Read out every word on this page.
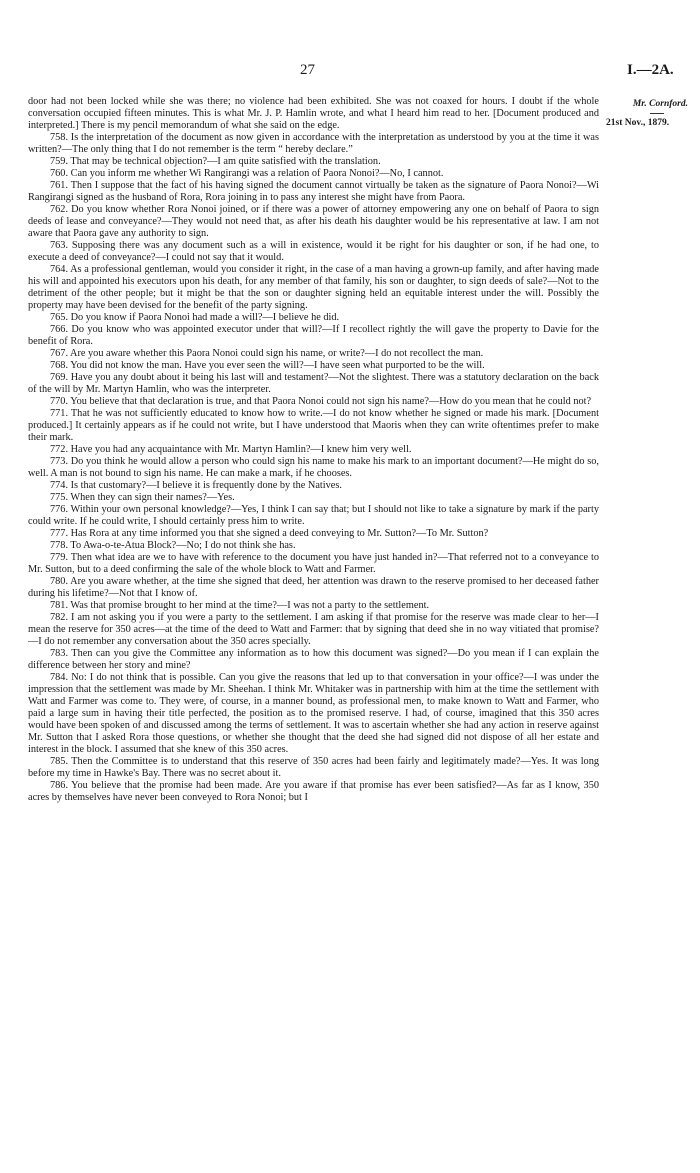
27	I.—2A.
Mr. Cornford.
21st Nov., 1879.

door had not been locked while she was there; no violence had been exhibited. She was not coaxed for hours. I doubt if the whole conversation occupied fifteen minutes. This is what Mr. J. P. Hamlin wrote, and what I heard him read to her. [Document produced and interpreted.] There is my pencil memorandum of what she said on the edge.

758. Is the interpretation of the document as now given in accordance with the interpretation as understood by you at the time it was written?—The only thing that I do not remember is the term “ hereby declare.”

759. That may be technical objection?—I am quite satisfied with the translation.

760. Can you inform me whether Wi Rangirangi was a relation of Paora Nonoi?—No, I cannot.

761. Then I suppose that the fact of his having signed the document cannot virtually be taken as the signature of Paora Nonoi?—Wi Rangirangi signed as the husband of Rora, Rora joining in to pass any interest she might have from Paora.

762. Do you know whether Rora Nonoi joined, or if there was a power of attorney empowering any one on behalf of Paora to sign deeds of lease and conveyance?—They would not need that, as after his death his daughter would be his representative at law. I am not aware that Paora gave any authority to sign.

763. Supposing there was any document such as a will in existence, would it be right for his daughter or son, if he had one, to execute a deed of conveyance?—I could not say that it would.

764. As a professional gentleman, would you consider it right, in the case of a man having a grown-up family, and after having made his will and appointed his executors upon his death, for any member of that family, his son or daughter, to sign deeds of sale?—Not to the detriment of the other people; but it might be that the son or daughter signing held an equitable interest under the will. Possibly the property may have been devised for the benefit of the party signing.

765. Do you know if Paora Nonoi had made a will?—I believe he did.

766. Do you know who was appointed executor under that will?—If I recollect rightly the will gave the property to Davie for the benefit of Rora.

767. Are you aware whether this Paora Nonoi could sign his name, or write?—I do not recollect the man.

768. You did not know the man. Have you ever seen the will?—I have seen what purported to be the will.

769. Have you any doubt about it being his last will and testament?—Not the slightest. There was a statutory declaration on the back of the will by Mr. Martyn Hamlin, who was the interpreter.

770. You believe that that declaration is true, and that Paora Nonoi could not sign his name?—How do you mean that he could not?

771. That he was not sufficiently educated to know how to write.—I do not know whether he signed or made his mark. [Document produced.] It certainly appears as if he could not write, but I have understood that Maoris when they can write oftentimes prefer to make their mark.

772. Have you had any acquaintance with Mr. Martyn Hamlin?—I knew him very well.

773. Do you think he would allow a person who could sign his name to make his mark to an important document?—He might do so, well. A man is not bound to sign his name. He can make a mark, if he chooses.

774. Is that customary?—I believe it is frequently done by the Natives.

775. When they can sign their names?—Yes.

776. Within your own personal knowledge?—Yes, I think I can say that; but I should not like to take a signature by mark if the party could write. If he could write, I should certainly press him to write.

777. Has Rora at any time informed you that she signed a deed conveying to Mr. Sutton?—To Mr. Sutton?

778. To Awa-o-te-Atua Block?—No; I do not think she has.

779. Then what idea are we to have with reference to the document you have just handed in?—That referred not to a conveyance to Mr. Sutton, but to a deed confirming the sale of the whole block to Watt and Farmer.

780. Are you aware whether, at the time she signed that deed, her attention was drawn to the reserve promised to her deceased father during his lifetime?—Not that I know of.

781. Was that promise brought to her mind at the time?—I was not a party to the settlement.

782. I am not asking you if you were a party to the settlement. I am asking if that promise for the reserve was made clear to her—I mean the reserve for 350 acres—at the time of the deed to Watt and Farmer: that by signing that deed she in no way vitiated that promise?—I do not remember any conversation about the 350 acres specially.

783. Then can you give the Committee any information as to how this document was signed?—Do you mean if I can explain the difference between her story and mine?

784. No: I do not think that is possible. Can you give the reasons that led up to that conversation in your office?—I was under the impression that the settlement was made by Mr. Sheehan. I think Mr. Whitaker was in partnership with him at the time the settlement with Watt and Farmer was come to. They were, of course, in a manner bound, as professional men, to make known to Watt and Farmer, who paid a large sum in having their title perfected, the position as to the promised reserve. I had, of course, imagined that this 350 acres would have been spoken of and discussed among the terms of settlement. It was to ascertain whether she had any action in reserve against Mr. Sutton that I asked Rora those questions, or whether she thought that the deed she had signed did not dispose of all her estate and interest in the block. I assumed that she knew of this 350 acres.

785. Then the Committee is to understand that this reserve of 350 acres had been fairly and legitimately made?—Yes. It was long before my time in Hawke's Bay. There was no secret about it.

786. You believe that the promise had been made. Are you aware if that promise has ever been satisfied?—As far as I know, 350 acres by themselves have never been conveyed to Rora Nonoi; but I
